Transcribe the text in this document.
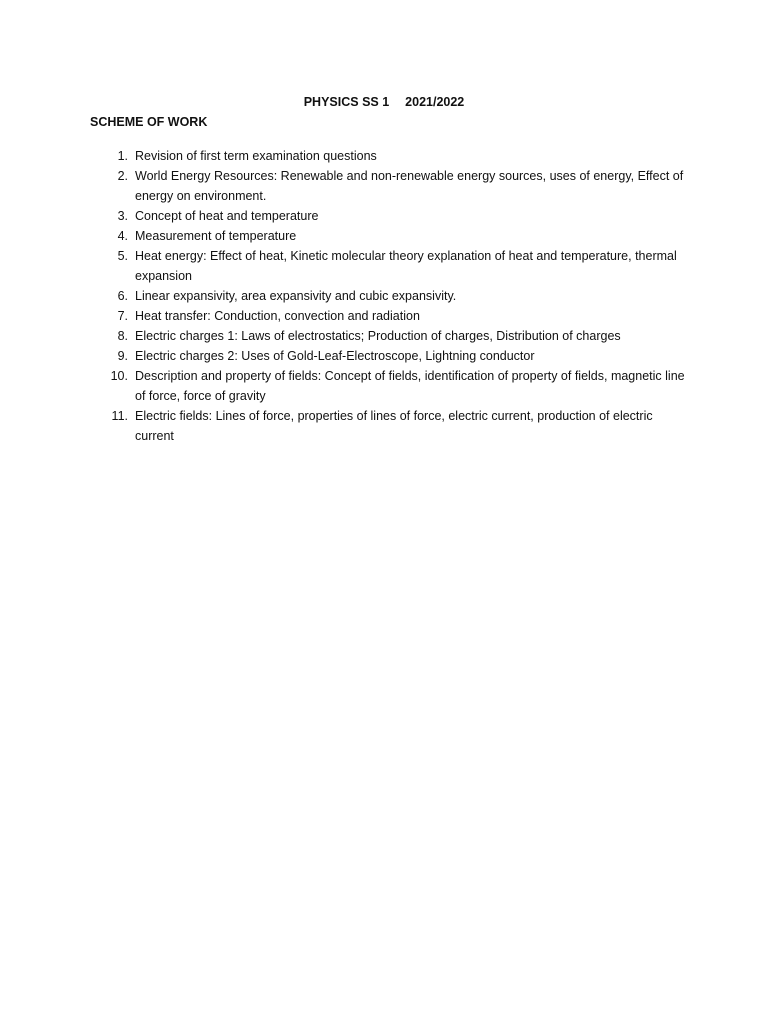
PHYSICS SS 1 2021/2022
SCHEME OF WORK
1. Revision of first term examination questions
2. World Energy Resources: Renewable and non-renewable energy sources, uses of energy, Effect of energy on environment.
3. Concept of heat and temperature
4. Measurement of temperature
5. Heat energy: Effect of heat, Kinetic molecular theory explanation of heat and temperature, thermal expansion
6. Linear expansivity, area expansivity and cubic expansivity.
7. Heat transfer: Conduction, convection and radiation
8. Electric charges 1: Laws of electrostatics; Production of charges, Distribution of charges
9. Electric charges 2: Uses of Gold-Leaf-Electroscope, Lightning conductor
10. Description and property of fields: Concept of fields, identification of property of fields, magnetic line of force, force of gravity
11. Electric fields: Lines of force, properties of lines of force, electric current, production of electric current
